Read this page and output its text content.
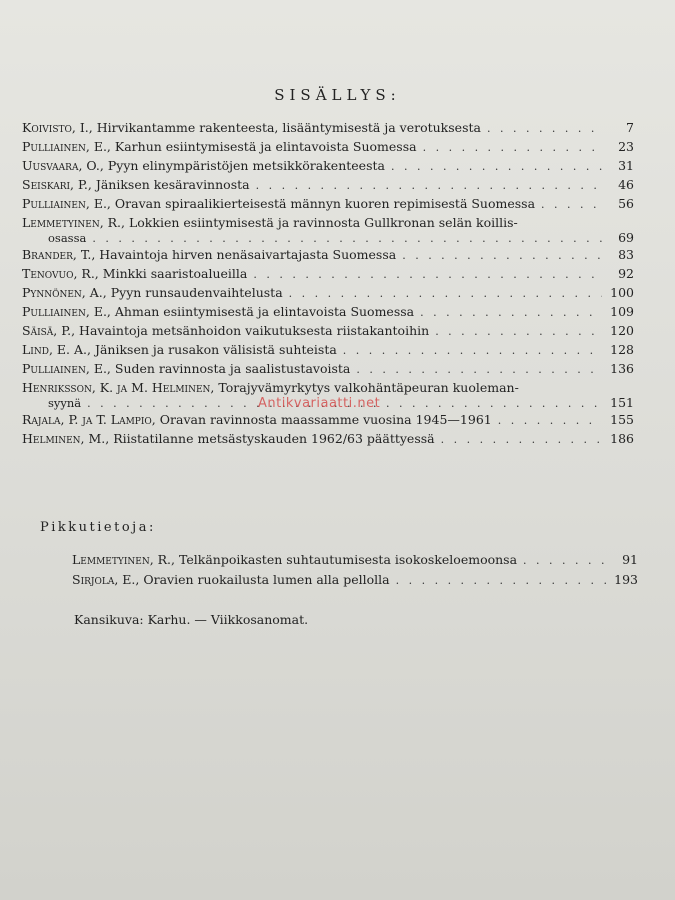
SISÄLLYS:
Koivisto, I., Hirvikantamme rakenteesta, lisääntymisestä ja verotuksesta . . .	7
Pulliainen, E., Karhun esiintymisestä ja elintavoista Suomessa . . .	23
Uusvaara, O., Pyyn elinympäristöjen metsikkörakenteesta . . .	31
Seiskari, P., Jäniksen kesäravinnosta . . .	46
Pulliainen, E., Oravan spiraalikierteisestä männyn kuoren repimisestä Suomessa . . .	56
Lemmetyinen, R., Lokkien esiintymisestä ja ravinnosta Gullkronan selän koillis-
osassa . . .	69
Brander, T., Havaintoja hirven nenäsaivartajasta Suomessa . . .	83
Tenovuo, R., Minkki saaristoalueilla . . .	92
Pynnönen, A., Pyyn runsaudenvaihtelusta . . .	100
Pulliainen, E., Ahman esiintymisestä ja elintavoista Suomessa . . .	109
Säisä, P., Havaintoja metsänhoidon vaikutuksesta riistakantoihin . . .	120
Lind, E. A., Jäniksen ja rusakon välisistä suhteista . . .	128
Pulliainen, E., Suden ravinnosta ja saalistustavoista . . .	136
Henriksson, K. ja M. Helminen, Torajyvämyrkytys valkohäntäpeuran kuoleman-
syynä . . .	151
Rajala, P. ja T. Lampio, Oravan ravinnosta maassamme vuosina 1945—1961 . . .	155
Helminen, M., Riistatilanne metsästyskauden 1962/63 päättyessä . . .	186
Antikvariaatti.net
Pikkutietoja:
Lemmetyinen, R., Telkänpoikasten suhtautumisesta isokoskeloemoonsa . . .	91
Sirjola, E., Oravien ruokailusta lumen alla pellolla . . .	193
Kansikuva: Karhu. — Viikkosanomat.
